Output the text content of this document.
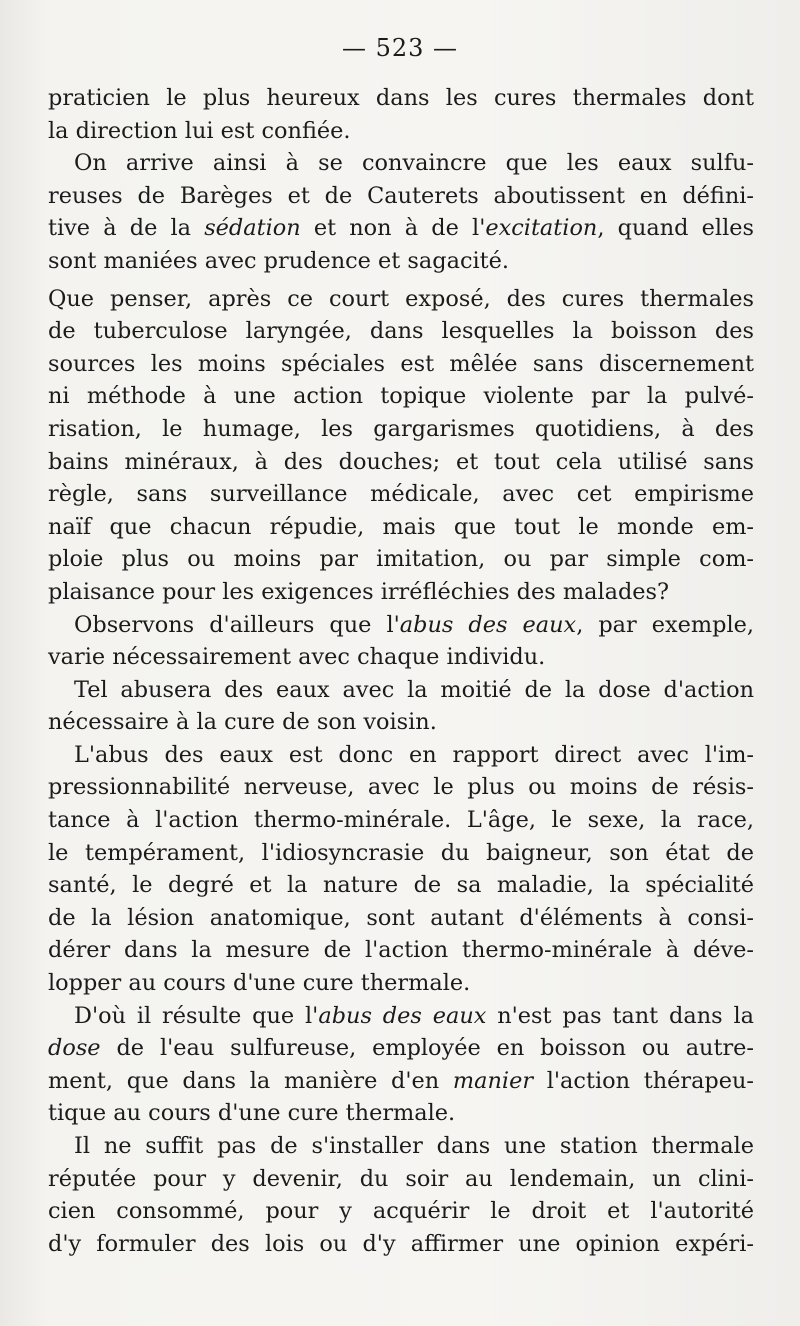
— 523 —
praticien le plus heureux dans les cures thermales dont
la direction lui est confiée.
On arrive ainsi à se convaincre que les eaux sulfu-
reuses de Barèges et de Cauterets aboutissent en défini-
tive à de la sédation et non à de l'excitation, quand elles
sont maniées avec prudence et sagacité.
Que penser, après ce court exposé, des cures thermales
de tuberculose laryngée, dans lesquelles la boisson des
sources les moins spéciales est mêlée sans discernement
ni méthode à une action topique violente par la pulvé-
risation, le humage, les gargarismes quotidiens, à des
bains minéraux, à des douches; et tout cela utilisé sans
règle, sans surveillance médicale, avec cet empirisme
naïf que chacun répudie, mais que tout le monde em-
ploie plus ou moins par imitation, ou par simple com-
plaisance pour les exigences irréfléchies des malades?
Observons d'ailleurs que l'abus des eaux, par exemple,
varie nécessairement avec chaque individu.
Tel abusera des eaux avec la moitié de la dose d'action
nécessaire à la cure de son voisin.
L'abus des eaux est donc en rapport direct avec l'im-
pressionnabilité nerveuse, avec le plus ou moins de résis-
tance à l'action thermo-minérale. L'âge, le sexe, la race,
le tempérament, l'idiosyncrasie du baigneur, son état de
santé, le degré et la nature de sa maladie, la spécialité
de la lésion anatomique, sont autant d'éléments à consi-
dérer dans la mesure de l'action thermo-minérale à déve-
lopper au cours d'une cure thermale.
D'où il résulte que l'abus des eaux n'est pas tant dans la
dose de l'eau sulfureuse, employée en boisson ou autre-
ment, que dans la manière d'en manier l'action thérapeu-
tique au cours d'une cure thermale.
Il ne suffit pas de s'installer dans une station thermale
réputée pour y devenir, du soir au lendemain, un clini-
cien consommé, pour y acquérir le droit et l'autorité
d'y formuler des lois ou d'y affirmer une opinion expéri-
